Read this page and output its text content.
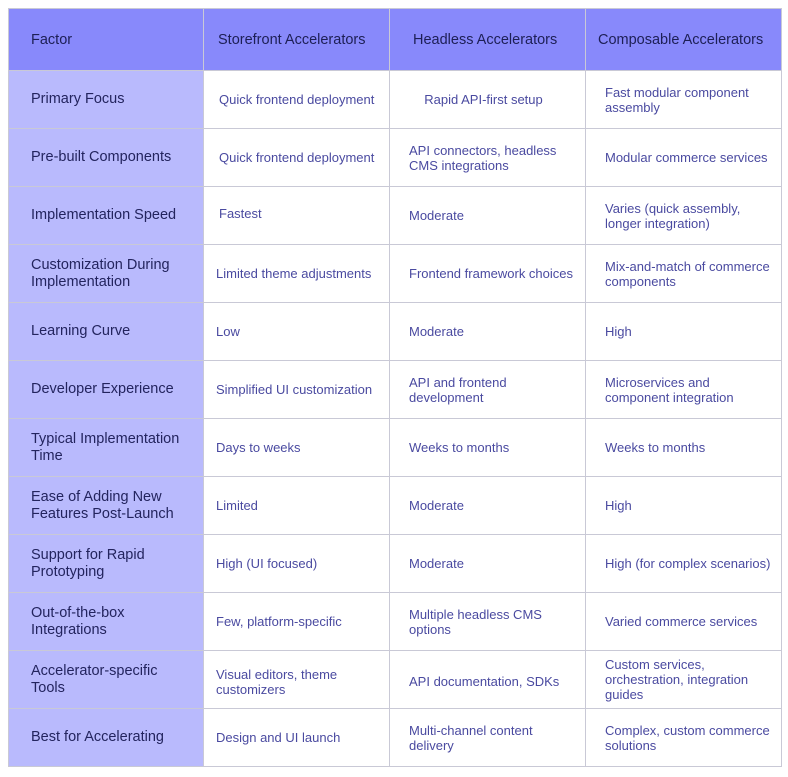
Factor	Storefront Accelerators	Headless Accelerators	Composable Accelerators
Primary Focus	Quick frontend deployment	Rapid API-first setup	Fast modular component assembly
Pre-built Components	Quick frontend deployment	API connectors, headless CMS integrations	Modular commerce services
Implementation Speed	Fastest	Moderate	Varies (quick assembly, longer integration)
Customization During Implementation	Limited theme adjustments	Frontend framework choices	Mix-and-match of commerce components
Learning Curve	Low	Moderate	High
Developer Experience	Simplified UI customization	API and frontend development	Microservices and component integration
Typical Implementation Time	Days to weeks	Weeks to months	Weeks to months
Ease of Adding New Features Post-Launch	Limited	Moderate	High
Support for Rapid Prototyping	High (UI focused)	Moderate	High (for complex scenarios)
Out-of-the-box Integrations	Few, platform-specific	Multiple headless CMS options	Varied commerce services
Accelerator-specific Tools	Visual editors, theme customizers	API documentation, SDKs	Custom services, orchestration, integration guides
Best for Accelerating	Design and UI launch	Multi-channel content delivery	Complex, custom commerce solutions
